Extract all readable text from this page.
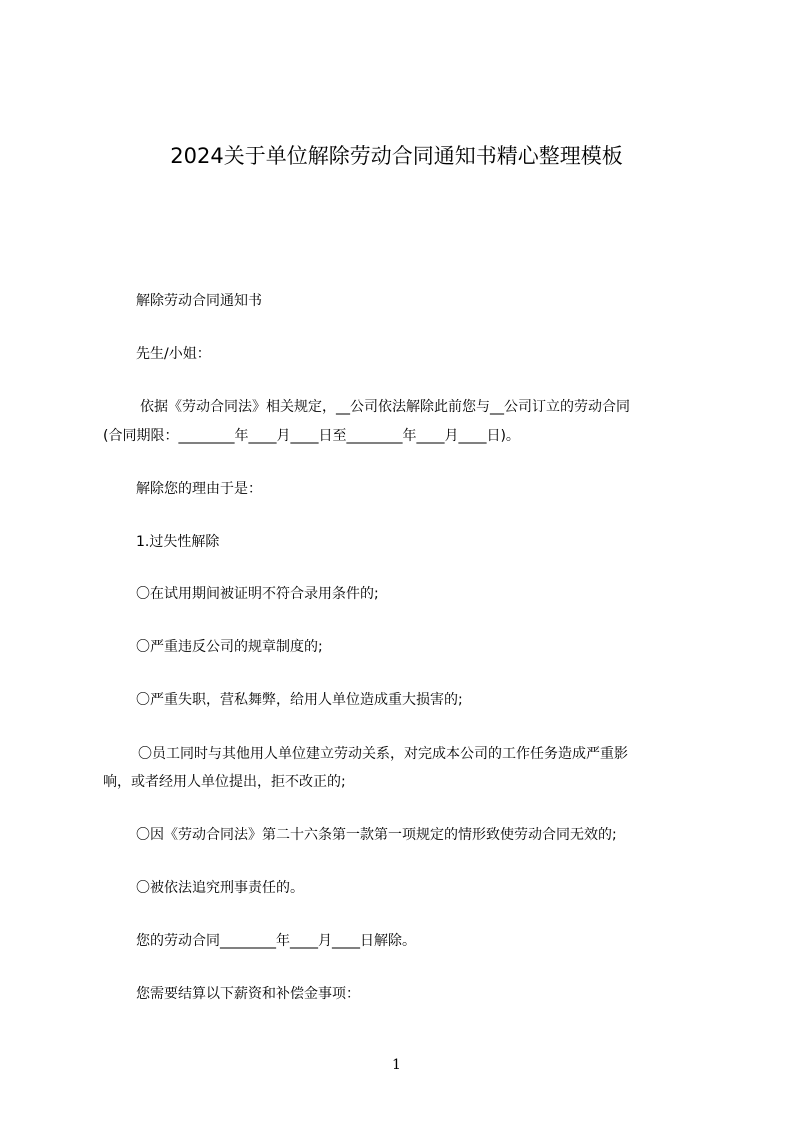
2024关于单位解除劳动合同通知书精心整理模板
解除劳动合同通知书
先生/小姐：
依据《劳动合同法》相关规定，__公司依法解除此前您与__公司订立的劳动合同
(合同期限：________年____月____日至________年____月____日)。
解除您的理由于是：
1.过失性解除
〇在试用期间被证明不符合录用条件的;
〇严重违反公司的规章制度的;
〇严重失职，营私舞弊，给用人单位造成重大损害的;
〇员工同时与其他用人单位建立劳动关系，对完成本公司的工作任务造成严重影
响，或者经用人单位提出，拒不改正的;
〇因《劳动合同法》第二十六条第一款第一项规定的情形致使劳动合同无效的;
〇被依法追究刑事责任的。
您的劳动合同________年____月____日解除。
您需要结算以下薪资和补偿金事项：
1
